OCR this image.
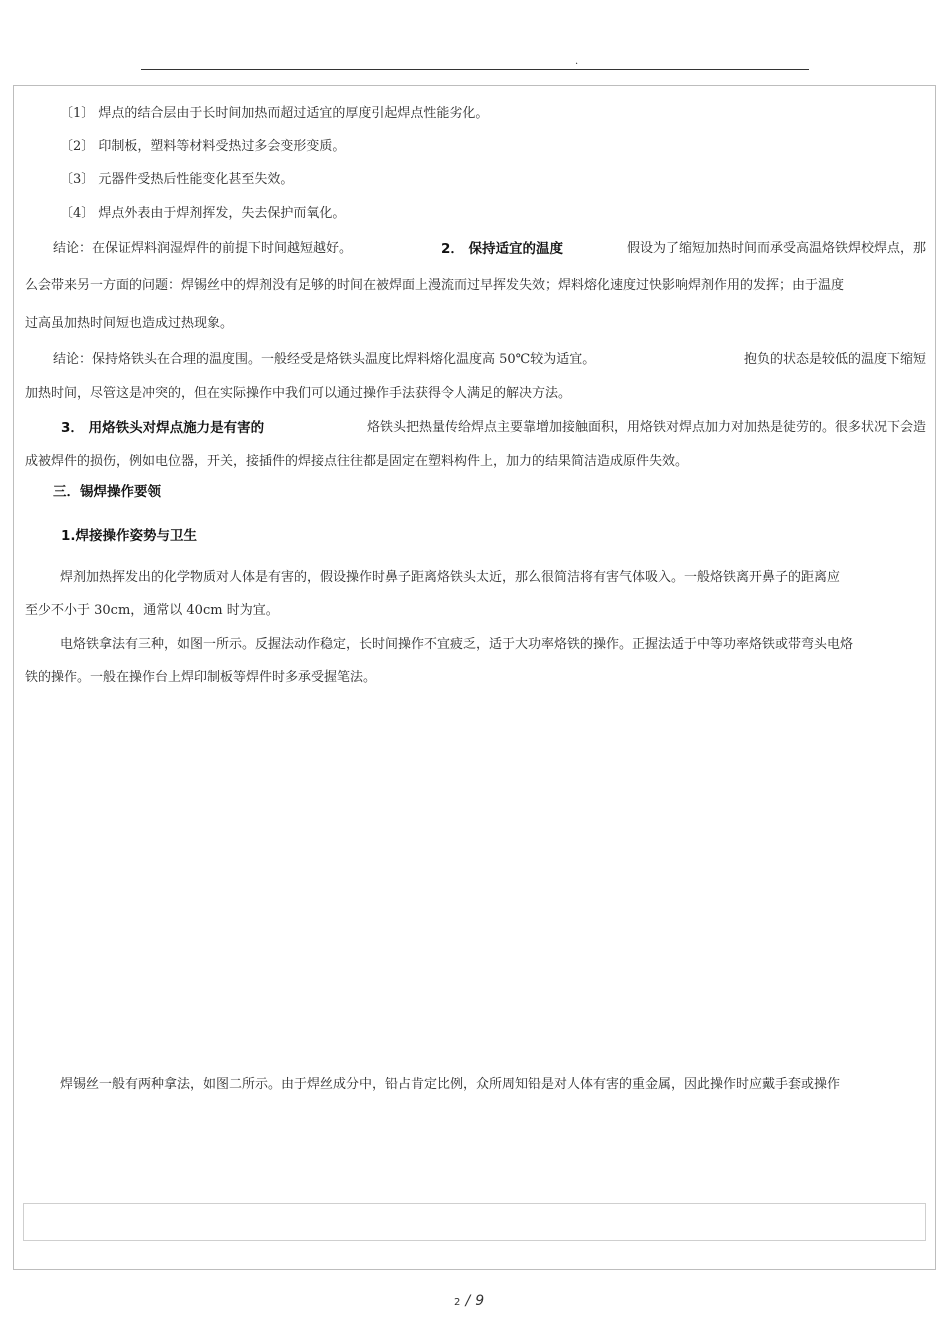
.
〔1〕 焊点的结合层由于长时间加热而超过适宜的厚度引起焊点性能劣化。
〔2〕 印制板，塑料等材料受热过多会变形变质。
〔3〕 元器件受热后性能变化甚至失效。
〔4〕 焊点外表由于焊剂挥发，失去保护而氧化。
结论：在保证焊料润湿焊件的前提下时间越短越好。	2． 保持适宜的温度	假设为了缩短加热时间而承受高温烙铁焊校焊点，那
么会带来另一方面的问题：焊锡丝中的焊剂没有足够的时间在被焊面上漫流而过早挥发失效；焊料熔化速度过快影响焊剂作用的发挥；由于温度
过高虽加热时间短也造成过热现象。
结论：保持烙铁头在合理的温度围。一般经受是烙铁头温度比焊料熔化温度高 50℃较为适宜。	抱负的状态是较低的温度下缩短
加热时间，尽管这是冲突的，但在实际操作中我们可以通过操作手法获得令人满足的解决方法。
3． 用烙铁头对焊点施力是有害的	烙铁头把热量传给焊点主要靠增加接触面积，用烙铁对焊点加力对加热是徒劳的。很多状况下会造
成被焊件的损伤，例如电位器，开关，接插件的焊接点往往都是固定在塑料构件上，加力的结果简洁造成原件失效。
三．锡焊操作要领
1.焊接操作姿势与卫生
焊剂加热挥发出的化学物质对人体是有害的，假设操作时鼻子距离烙铁头太近，那么很简洁将有害气体吸入。一般烙铁离开鼻子的距离应
至少不小于 30cm，通常以 40cm 时为宜。
电烙铁拿法有三种，如图一所示。反握法动作稳定，长时间操作不宜疲乏，适于大功率烙铁的操作。正握法适于中等功率烙铁或带弯头电烙
铁的操作。一般在操作台上焊印制板等焊件时多承受握笔法。
焊锡丝一般有两种拿法，如图二所示。由于焊丝成分中，铅占肯定比例，众所周知铅是对人体有害的重金属，因此操作时应戴手套或操作
2 / 9
